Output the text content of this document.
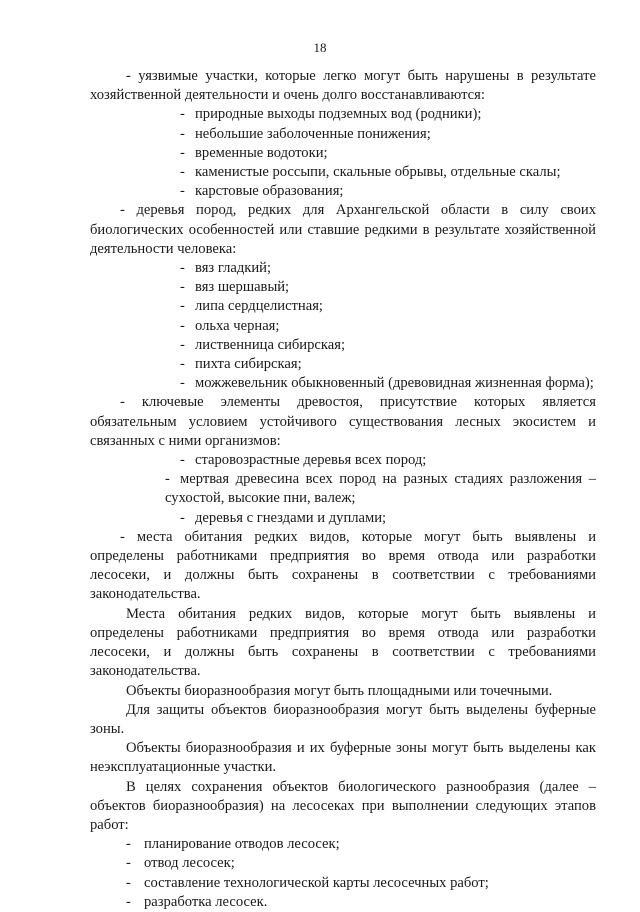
18

- уязвимые участки, которые легко могут быть нарушены в результате хозяйственной деятельности и очень долго восстанавливаются:

- природные выходы подземных вод (родники);

- небольшие заболоченные понижения;

- временные водотоки;

- каменистые россыпи, скальные обрывы, отдельные скалы;

- карстовые образования;

- деревья пород, редких для Архангельской области в силу своих биологических особенностей или ставшие редкими в результате хозяйственной деятельности человека:

- вяз гладкий;

- вяз шершавый;

- липа сердцелистная;

- ольха черная;

- лиственница сибирская;

- пихта сибирская;

- можжевельник обыкновенный (древовидная жизненная форма);

- ключевые элементы древостоя, присутствие которых является обязательным условием устойчивого существования лесных экосистем и связанных с ними организмов:

- старовозрастные деревья всех пород;

- мертвая древесина всех пород на разных стадиях разложения – сухостой, высокие пни, валеж;

- деревья с гнездами и дуплами;

- места обитания редких видов, которые могут быть выявлены и определены работниками предприятия во время отвода или разработки лесосеки, и должны быть сохранены в соответствии с требованиями законодательства.

Места обитания редких видов, которые могут быть выявлены и определены работниками предприятия во время отвода или разработки лесосеки, и должны быть сохранены в соответствии с требованиями законодательства.

Объекты биоразнообразия могут быть площадными или точечными.

Для защиты объектов биоразнообразия могут быть выделены буферные зоны.

Объекты биоразнообразия и их буферные зоны могут быть выделены как неэксплуатационные участки.

В целях сохранения объектов биологического разнообразия (далее – объектов биоразнообразия) на лесосеках при выполнении следующих этапов работ:

- планирование отводов лесосек;

- отвод лесосек;

- составление технологической карты лесосечных работ;

- разработка лесосек.
